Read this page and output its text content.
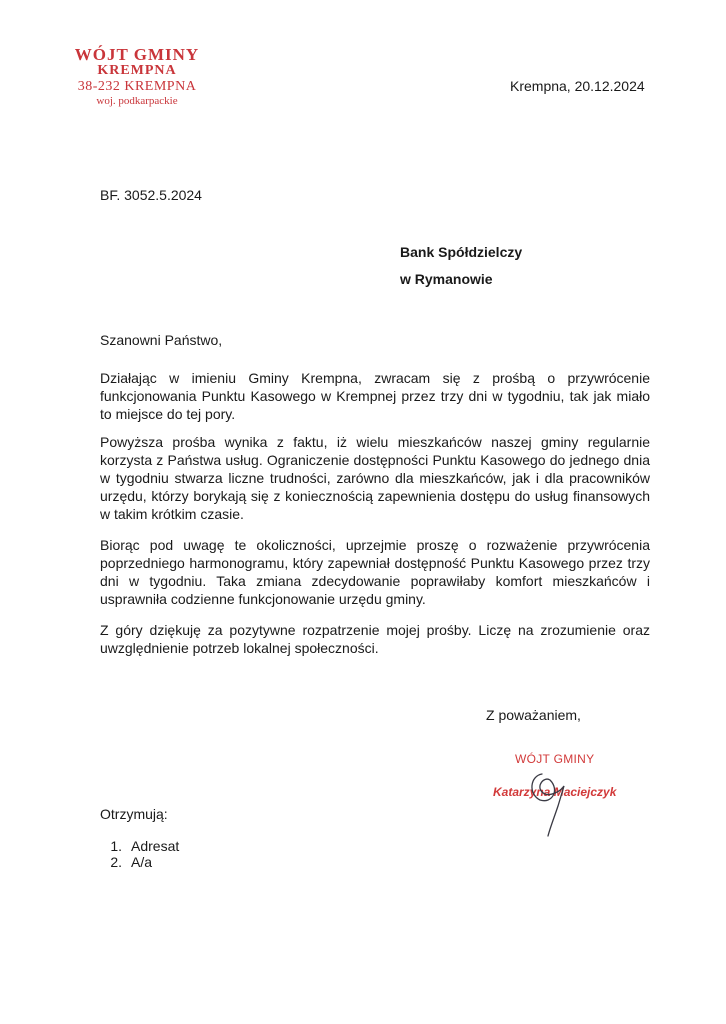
WÓJT GMINY
KREMPNA
38-232 KREMPNA
woj. podkarpackie
Krempna, 20.12.2024
BF. 3052.5.2024
Bank Spółdzielczy
w Rymanowie
Szanowni Państwo,

Działając w imieniu Gminy Krempna, zwracam się z prośbą o przywrócenie funkcjonowania Punktu Kasowego w Krempnej przez trzy dni w tygodniu, tak jak miało to miejsce do tej pory.

Powyższa prośba wynika z faktu, iż wielu mieszkańców naszej gminy regularnie korzysta z Państwa usług. Ograniczenie dostępności Punktu Kasowego do jednego dnia w tygodniu stwarza liczne trudności, zarówno dla mieszkańców, jak i dla pracowników urzędu, którzy borykają się z koniecznością zapewnienia dostępu do usług finansowych w takim krótkim czasie.

Biorąc pod uwagę te okoliczności, uprzejmie proszę o rozważenie przywrócenia poprzedniego harmonogramu, który zapewniał dostępność Punktu Kasowego przez trzy dni w tygodniu. Taka zmiana zdecydowanie poprawiłaby komfort mieszkańców i usprawniła codzienne funkcjonowanie urzędu gminy.

Z góry dziękuję za pozytywne rozpatrzenie mojej prośby. Liczę na zrozumienie oraz uwzględnienie potrzeb lokalnej społeczności.

Z poważaniem,
WÓJT GMINY
Katarzyna Maciejczyk
Otrzymują:
1. Adresat
2. A/a
